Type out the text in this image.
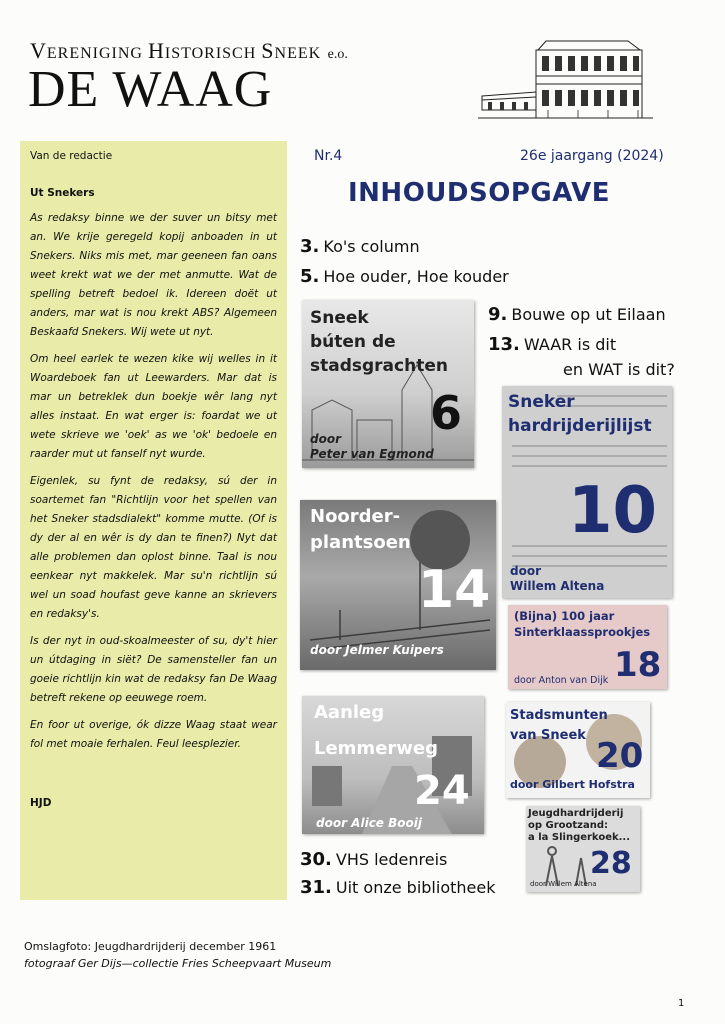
VERENIGING HISTORISCH SNEEK e.o.
DE WAAG

Van de redactie

Ut Snekers

As redaksy binne we der suver un bitsy met an. We krije geregeld kopij anboaden in ut Snekers. Niks mis met, mar geeneen fan oans weet krekt wat we der met anmutte. Wat de spelling betreft bedoel ik. Idereen doët ut anders, mar wat is nou krekt ABS? Algemeen Beskaafd Snekers. Wij wete ut nyt.

Om heel earlek te wezen kike wij welles in it Woardeboek fan ut Leewarders. Mar dat is mar un betreklek dun boekje wêr lang nyt alles instaat. En wat erger is: foardat we ut wete skrieve we 'oek' as we 'ok' bedoele en raarder mut ut fanself nyt wurde.

Eigenlek, su fynt de redaksy, sú der in soartemet fan "Richtlijn voor het spellen van het Sneker stadsdialekt" komme mutte. (Of is dy der al en wêr is dy dan te finen?) Nyt dat alle problemen dan oplost binne. Taal is nou eenkear nyt makkelek. Mar su'n richtlijn sú wel un soad houfast geve kanne an skrievers en redaksy's.

Is der nyt in oud-skoalmeester of su, dy't hier un útdaging in siët? De samensteller fan un goeie richtlijn kin wat de redaksy fan De Waag betreft rekene op eeuwege roem.

En foor ut overige, ók dizze Waag staat wear fol met moaie ferhalen. Feul leesplezier.

HJD

Nr.4	26e jaargang (2024)
INHOUDSOPGAVE
3. Ko's column
5. Hoe ouder, Hoe kouder
9. Bouwe op ut Eilaan
13. WAAR is dit
en WAT is dit?
30. VHS ledenreis
31. Uit onze bibliotheek
Sneek
búten de
stadsgrachten
6
door
Peter van Egmond
Sneker
hardrijderijlijst
10
door
Willem Altena
Noorder-
plantsoen
14
door Jelmer Kuipers
(Bijna) 100 jaar
Sinterklaassprookjes
18
door Anton van Dijk
Aanleg
Lemmerweg
24
door Alice Booij
Stadsmunten
van Sneek
20
door Gilbert Hofstra
Jeugdhardrijderij
op Grootzand:
a la Slingerkoek...
28
door Willem Altena
Omslagfoto: Jeugdhardrijderij december 1961
fotograaf Ger Dijs—collectie Fries Scheepvaart Museum
1
